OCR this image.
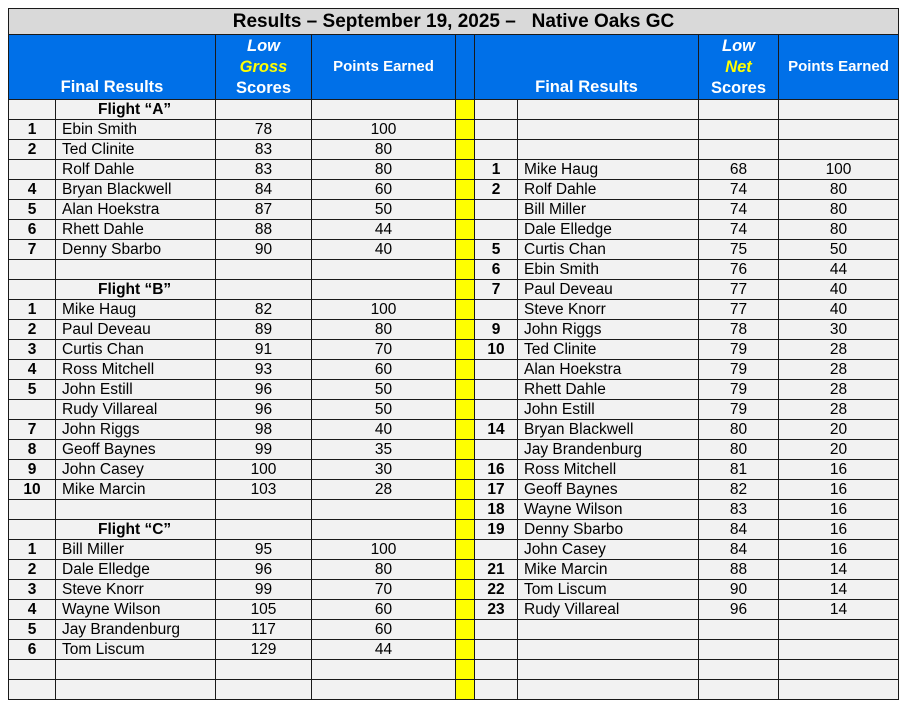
Results – September 19, 2025 – Native Oaks GC								
Final Results		Low
Gross
Scores	Points Earned		Final Results		Low
Net
Scores	Points Earned
	Flight “A”							
1	Ebin Smith	78	100					
2	Ted Clinite	83	80					
	Rolf Dahle	83	80		1	Mike Haug	68	100
4	Bryan Blackwell	84	60		2	Rolf Dahle	74	80
5	Alan Hoekstra	87	50			Bill Miller	74	80
6	Rhett Dahle	88	44			Dale Elledge	74	80
7	Denny Sbarbo	90	40		5	Curtis Chan	75	50
					6	Ebin Smith	76	44
	Flight “B”				7	Paul Deveau	77	40
1	Mike Haug	82	100			Steve Knorr	77	40
2	Paul Deveau	89	80		9	John Riggs	78	30
3	Curtis Chan	91	70		10	Ted Clinite	79	28
4	Ross Mitchell	93	60			Alan Hoekstra	79	28
5	John Estill	96	50			Rhett Dahle	79	28
	Rudy Villareal	96	50			John Estill	79	28
7	John Riggs	98	40		14	Bryan Blackwell	80	20
8	Geoff Baynes	99	35			Jay Brandenburg	80	20
9	John Casey	100	30		16	Ross Mitchell	81	16
10	Mike Marcin	103	28		17	Geoff Baynes	82	16
					18	Wayne Wilson	83	16
	Flight “C”				19	Denny Sbarbo	84	16
1	Bill Miller	95	100			John Casey	84	16
2	Dale Elledge	96	80		21	Mike Marcin	88	14
3	Steve Knorr	99	70		22	Tom Liscum	90	14
4	Wayne Wilson	105	60		23	Rudy Villareal	96	14
5	Jay Brandenburg	117	60					
6	Tom Liscum	129	44					
